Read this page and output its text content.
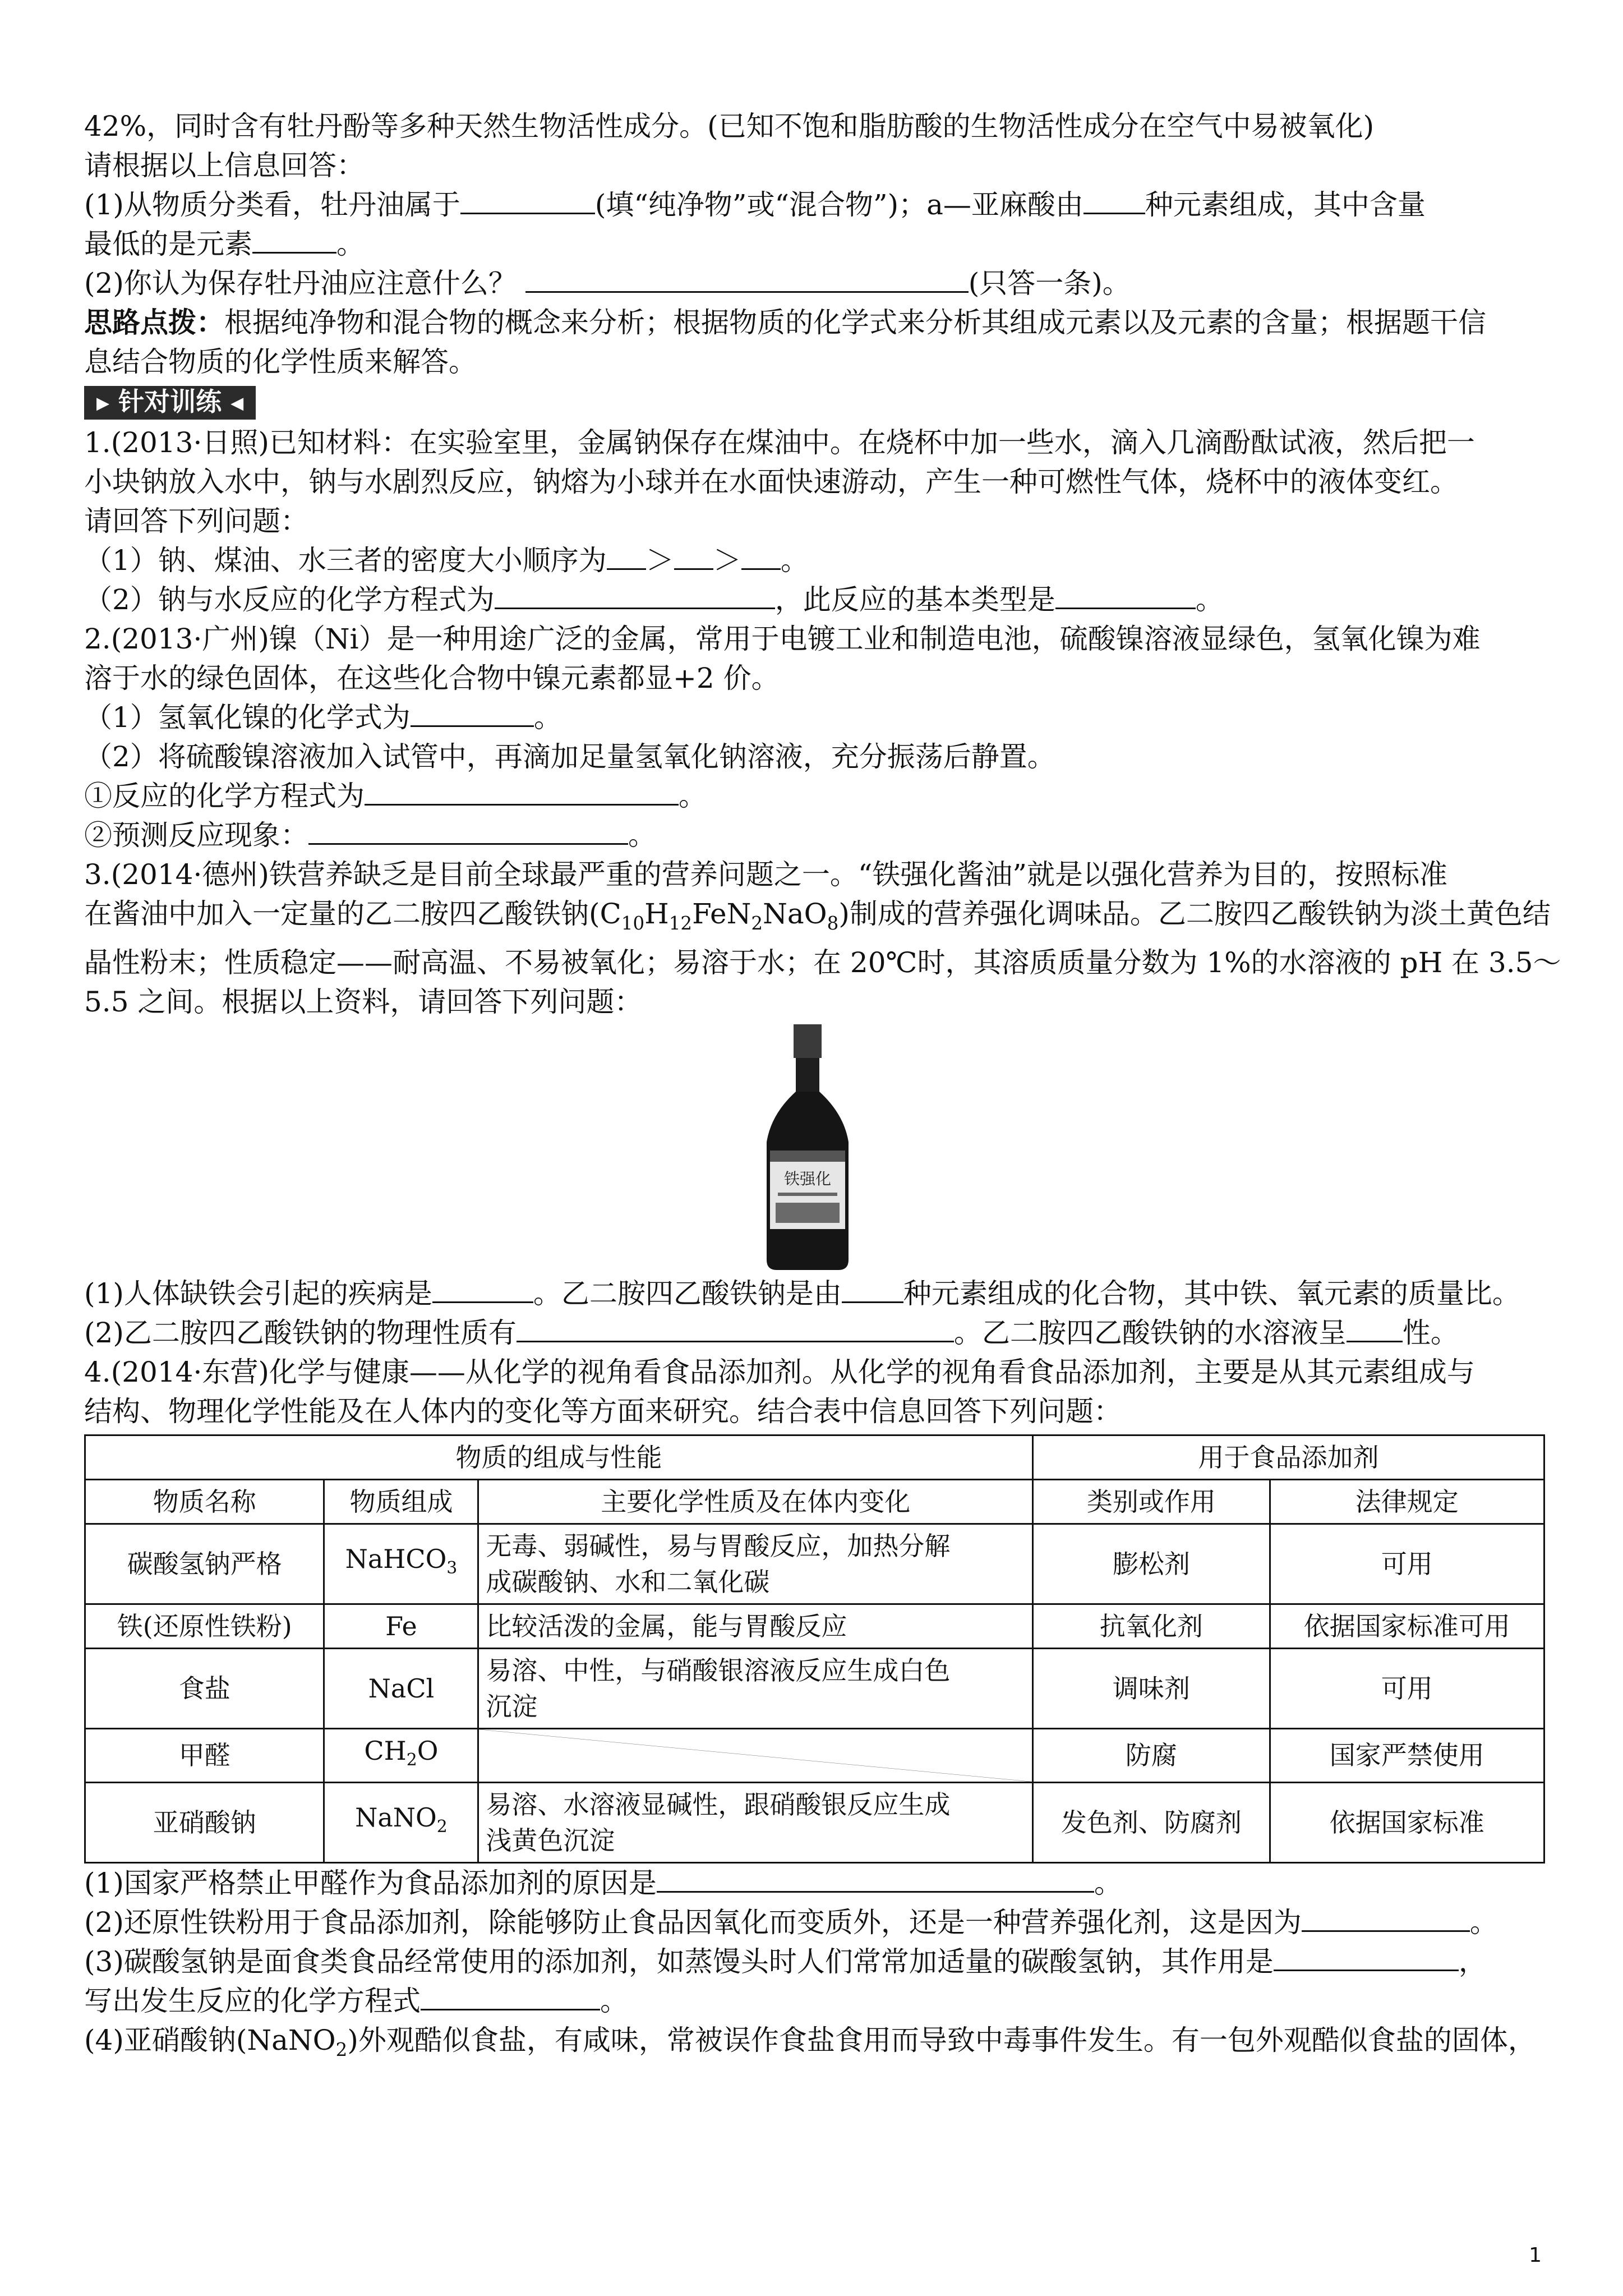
42%，同时含有牡丹酚等多种天然生物活性成分。(已知不饱和脂肪酸的生物活性成分在空气中易被氧化)
请根据以上信息回答：
(1)从物质分类看，牡丹油属于	(填“纯净物”或“混合物”)；a—亚麻酸由 种元素组成，其中含量
最低的是元素	。
(2)你认为保存牡丹油应注意什么？	(只答一条)。
思路点拨：根据纯净物和混合物的概念来分析；根据物质的化学式来分析其组成元素以及元素的含量；根据题干信
息结合物质的化学性质来解答。
▶ 针对训练 ◀
1.(2013·日照)已知材料：在实验室里，金属钠保存在煤油中。在烧杯中加一些水，滴入几滴酚酞试液，然后把一
小块钠放入水中，钠与水剧烈反应，钠熔为小球并在水面快速游动，产生一种可燃性气体，烧杯中的液体变红。
请回答下列问题：
（1）钠、煤油、水三者的密度大小顺序为 ＞ ＞ 。
（2）钠与水反应的化学方程式为	，此反应的基本类型是	。
2.(2013·广州)镍（Ni）是一种用途广泛的金属，常用于电镀工业和制造电池，硫酸镍溶液显绿色，氢氧化镍为难
溶于水的绿色固体，在这些化合物中镍元素都显+2 价。
（1）氢氧化镍的化学式为	。
（2）将硫酸镍溶液加入试管中，再滴加足量氢氧化钠溶液，充分振荡后静置。
①反应的化学方程式为	。
②预测反应现象：	。
3.(2014·德州)铁营养缺乏是目前全球最严重的营养问题之一。“铁强化酱油”就是以强化营养为目的，按照标准
在酱油中加入一定量的乙二胺四乙酸铁钠$(C_{10}H_{12}FeN_2NaO_8)$制成的营养强化调味品。乙二胺四乙酸铁钠为淡土黄色结
晶性粉末；性质稳定——耐高温、不易被氧化；易溶于水；在 20℃时，其溶质质量分数为 1%的水溶液的 pH 在 3.5～
5.5 之间。根据以上资料，请回答下列问题：
铁强化
(1)人体缺铁会引起的疾病是	。乙二胺四乙酸铁钠是由 种元素组成的化合物，其中铁、氧元素的质量比。
(2)乙二胺四乙酸铁钠的物理性质有	。乙二胺四乙酸铁钠的水溶液呈 性。
4.(2014·东营)化学与健康——从化学的视角看食品添加剂。从化学的视角看食品添加剂，主要是从其元素组成与
结构、物理化学性能及在人体内的变化等方面来研究。结合表中信息回答下列问题：
物质的组成与性能			用于食品添加剂	
物质名称	物质组成	主要化学性质及在体内变化	类别或作用	法律规定
碳酸氢钠严格	NaHCO$_3$	无毒、弱碱性，易与胃酸反应，加热分解
成碳酸钠、水和二氧化碳	膨松剂	可用
铁(还原性铁粉)	Fe	比较活泼的金属，能与胃酸反应	抗氧化剂	依据国家标准可用
食盐	NaCl	易溶、中性，与硝酸银溶液反应生成白色
沉淀	调味剂	可用
甲醛	$CH_2O$		防腐	国家严禁使用
亚硝酸钠	NaNO$_2$	易溶、水溶液显碱性，跟硝酸银反应生成
浅黄色沉淀	发色剂、防腐剂	依据国家标准
(1)国家严格禁止甲醛作为食品添加剂的原因是	。
(2)还原性铁粉用于食品添加剂，除能够防止食品因氧化而变质外，还是一种营养强化剂，这是因为	。
(3)碳酸氢钠是面食类食品经常使用的添加剂，如蒸馒头时人们常常加适量的碳酸氢钠，其作用是	，
写出发生反应的化学方程式	。
(4)亚硝酸钠(NaNO$_2$)外观酷似食盐，有咸味，常被误作食盐食用而导致中毒事件发生。有一包外观酷似食盐的固体，
1
